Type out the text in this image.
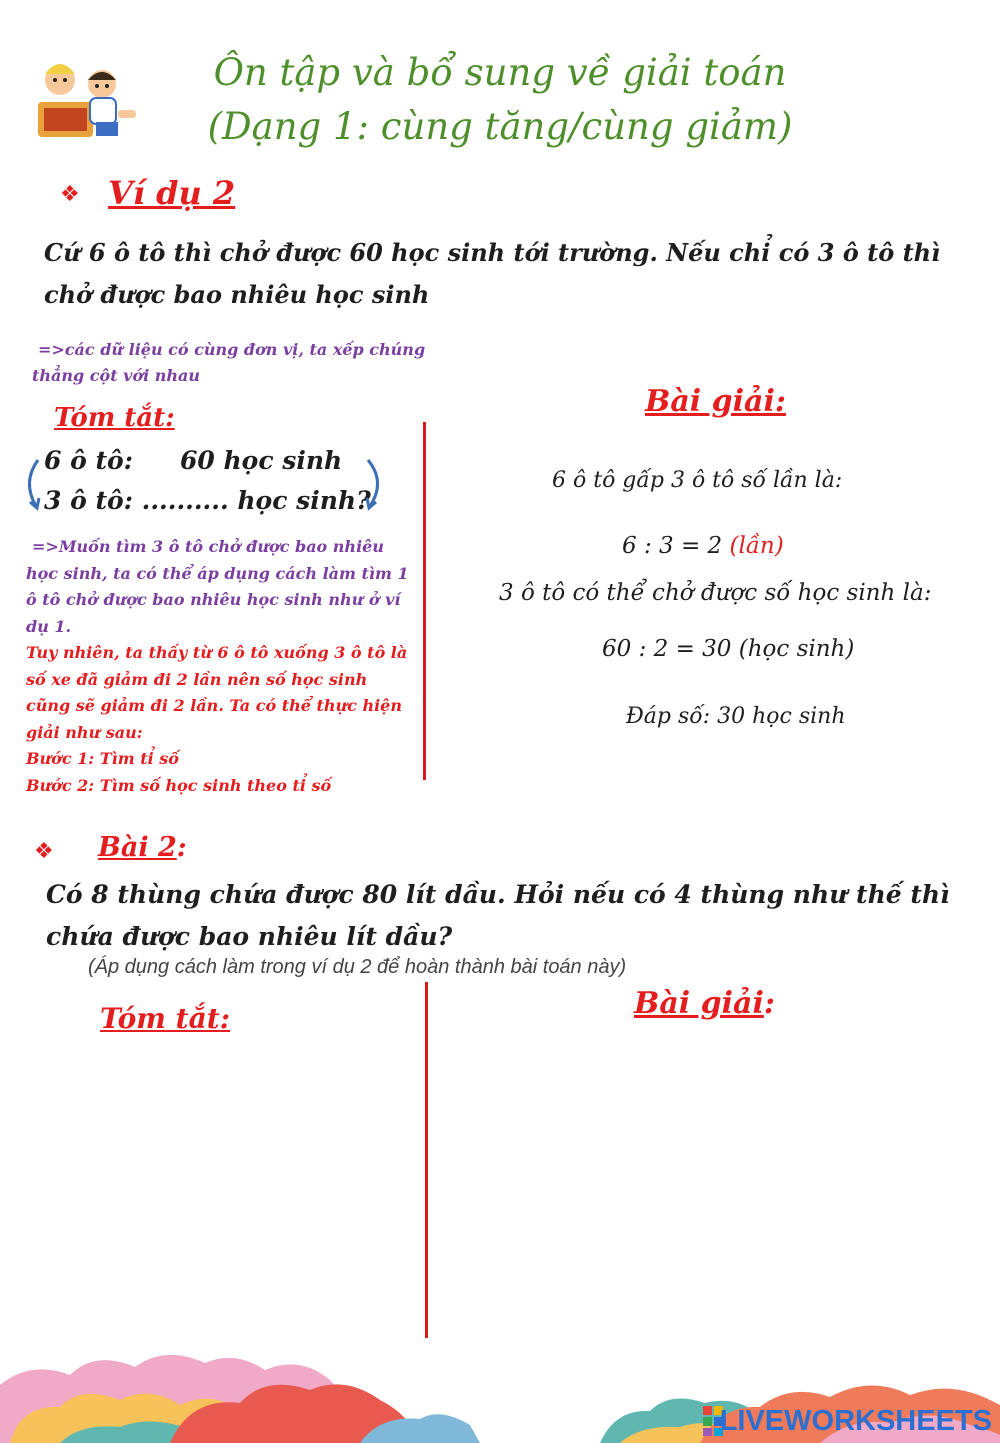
Ôn tập và bổ sung về giải toán
(Dạng 1: cùng tăng/cùng giảm)
❖ Ví dụ 2
Cứ 6 ô tô thì chở được 60 học sinh tới trường. Nếu chỉ có 3 ô tô thì
chở được bao nhiêu học sinh
=>các dữ liệu có cùng đơn vị, ta xếp chúng
thẳng cột với nhau
Tóm tắt:
6 ô tô: 60 học sinh
3 ô tô: .......... học sinh?
=>Muốn tìm 3 ô tô chở được bao nhiêu
học sinh, ta có thể áp dụng cách làm tìm 1
ô tô chở được bao nhiêu học sinh như ở ví
dụ 1.
Tuy nhiên, ta thấy từ 6 ô tô xuống 3 ô tô là
số xe đã giảm đi 2 lần nên số học sinh
cũng sẽ giảm đi 2 lần. Ta có thể thực hiện
giải như sau:
Bước 1: Tìm tỉ số
Bước 2: Tìm số học sinh theo tỉ số
Bài giải:
6 ô tô gấp 3 ô tô số lần là:
6 : 3 = 2 (lần)
3 ô tô có thể chở được số học sinh là:
60 : 2 = 30 (học sinh)
Đáp số: 30 học sinh
❖ Bài 2:
Có 8 thùng chứa được 80 lít dầu. Hỏi nếu có 4 thùng như thế thì
chứa được bao nhiêu lít dầu?
(Áp dụng cách làm trong ví dụ 2 để hoàn thành bài toán này)
Tóm tắt:	Bài giải:
LIVEWORKSHEETS
